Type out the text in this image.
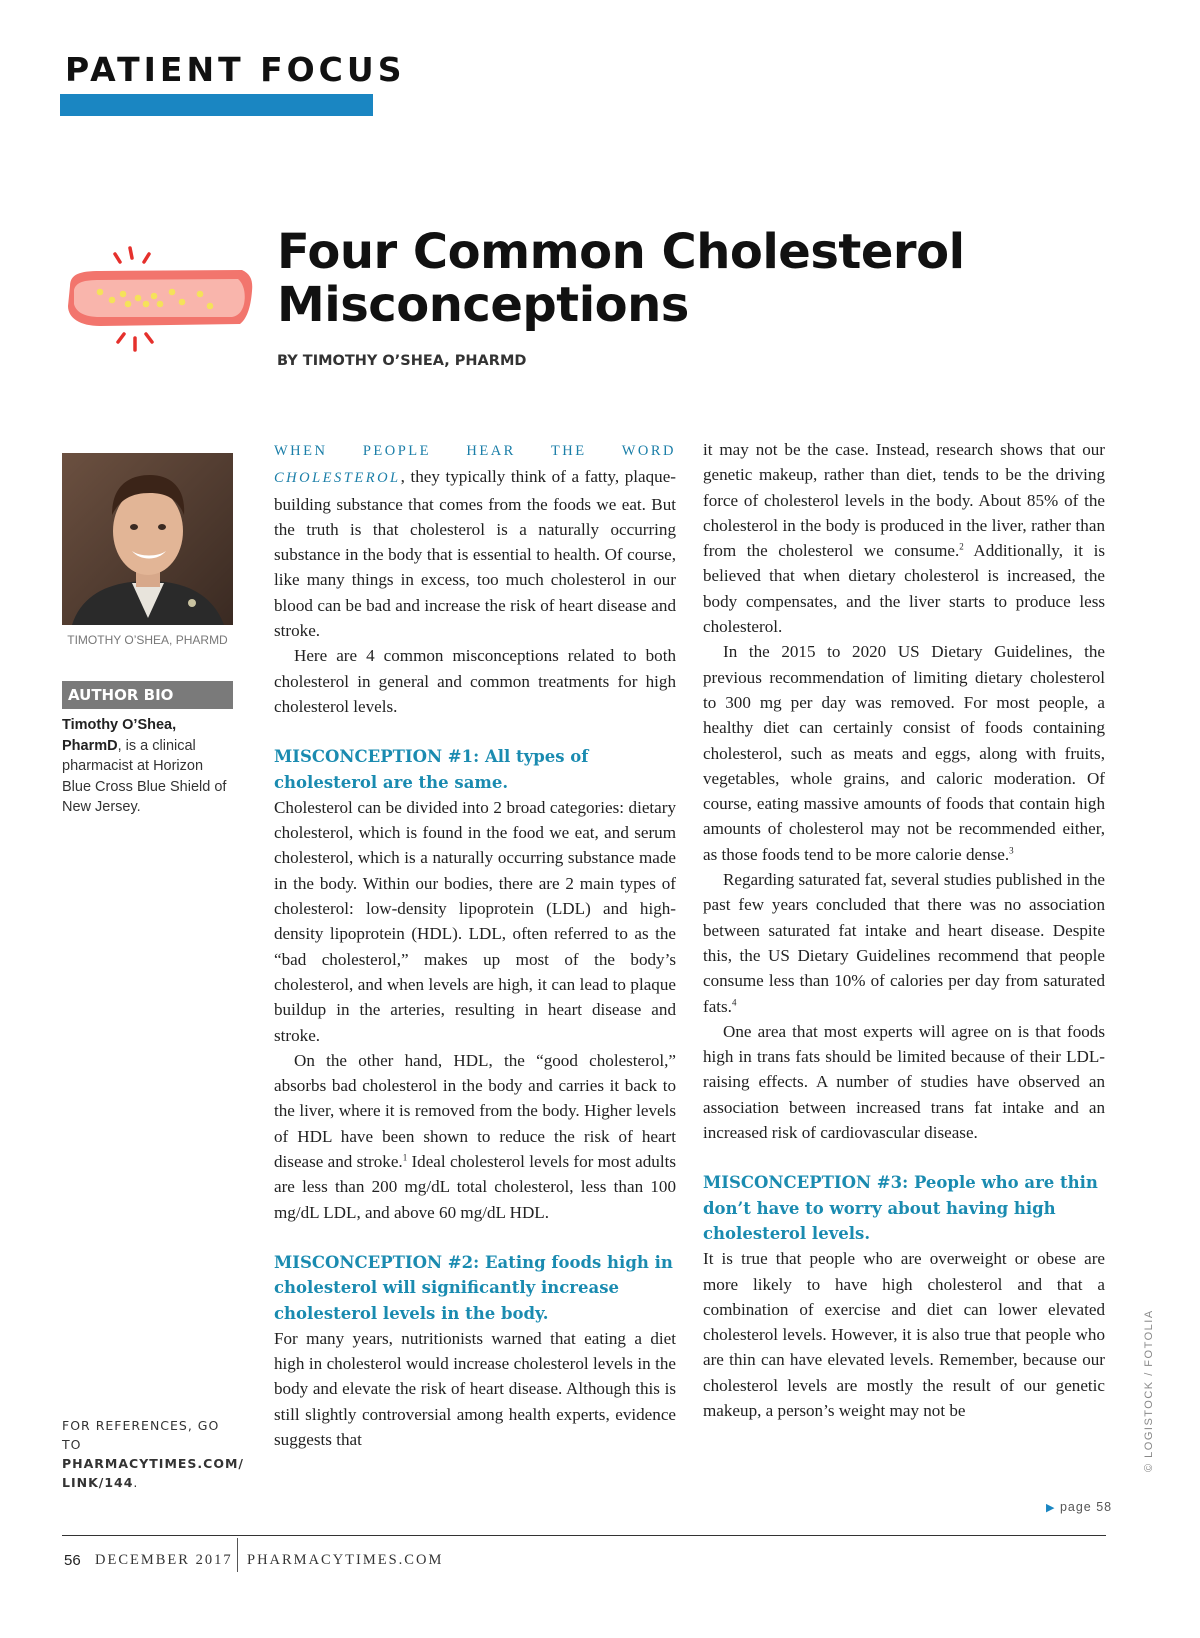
PATIENT FOCUS
Four Common Cholesterol Misconceptions
BY TIMOTHY O’SHEA, PHARMD
TIMOTHY O’SHEA, PHARMD
AUTHOR BIO

Timothy O’Shea, PharmD, is a clinical pharmacist at Horizon Blue Cross Blue Shield of New Jersey.

FOR REFERENCES, GO TO
PHARMACYTIMES.COM/ LINK/144.

WHEN PEOPLE HEAR THE WORD CHOLESTEROL, they typically think of a fatty, plaque-building substance that comes from the foods we eat. But the truth is that cholesterol is a naturally occurring substance in the body that is essential to health. Of course, like many things in excess, too much cholesterol in our blood can be bad and increase the risk of heart disease and stroke.

Here are 4 common misconceptions related to both cholesterol in general and common treatments for high cholesterol levels.

MISCONCEPTION #1: All types of cholesterol are the same.

Cholesterol can be divided into 2 broad categories: dietary cholesterol, which is found in the food we eat, and serum cholesterol, which is a naturally occurring substance made in the body. Within our bodies, there are 2 main types of cholesterol: low-density lipoprotein (LDL) and high-density lipoprotein (HDL). LDL, often referred to as the “bad cholesterol,” makes up most of the body’s cholesterol, and when levels are high, it can lead to plaque buildup in the arteries, resulting in heart disease and stroke.

On the other hand, HDL, the “good cholesterol,” absorbs bad cholesterol in the body and carries it back to the liver, where it is removed from the body. Higher levels of HDL have been shown to reduce the risk of heart disease and stroke.$^1$ Ideal cholesterol levels for most adults are less than 200 mg/dL total cholesterol, less than 100 mg/dL LDL, and above 60 mg/dL HDL.

MISCONCEPTION #2: Eating foods high in cholesterol will significantly increase cholesterol levels in the body.

For many years, nutritionists warned that eating a diet high in cholesterol would increase cholesterol levels in the body and elevate the risk of heart disease. Although this is still slightly controversial among health experts, evidence suggests that

it may not be the case. Instead, research shows that our genetic makeup, rather than diet, tends to be the driving force of cholesterol levels in the body. About 85% of the cholesterol in the body is produced in the liver, rather than from the cholesterol we consume.$^2$ Additionally, it is believed that when dietary cholesterol is increased, the body compensates, and the liver starts to produce less cholesterol.

In the 2015 to 2020 US Dietary Guidelines, the previous recommendation of limiting dietary cholesterol to 300 mg per day was removed. For most people, a healthy diet can certainly consist of foods containing cholesterol, such as meats and eggs, along with fruits, vegetables, whole grains, and caloric moderation. Of course, eating massive amounts of foods that contain high amounts of cholesterol may not be recommended either, as those foods tend to be more calorie dense.$^3$

Regarding saturated fat, several studies published in the past few years concluded that there was no association between saturated fat intake and heart disease. Despite this, the US Dietary Guidelines recommend that people consume less than 10% of calories per day from saturated fats.$^4$

One area that most experts will agree on is that foods high in trans fats should be limited because of their LDL-raising effects. A number of studies have observed an association between increased trans fat intake and an increased risk of cardiovascular disease.

MISCONCEPTION #3: People who are thin don’t have to worry about having high cholesterol levels.

It is true that people who are overweight or obese are more likely to have high cholesterol and that a combination of exercise and diet can lower elevated cholesterol levels. However, it is also true that people who are thin can have elevated levels. Remember, because our cholesterol levels are mostly the result of our genetic makeup, a person’s weight may not be	© LOGISTOCK / FOTOLIA
▶ page 58
56 DECEMBER 2017 PHARMACYTIMES.COM
